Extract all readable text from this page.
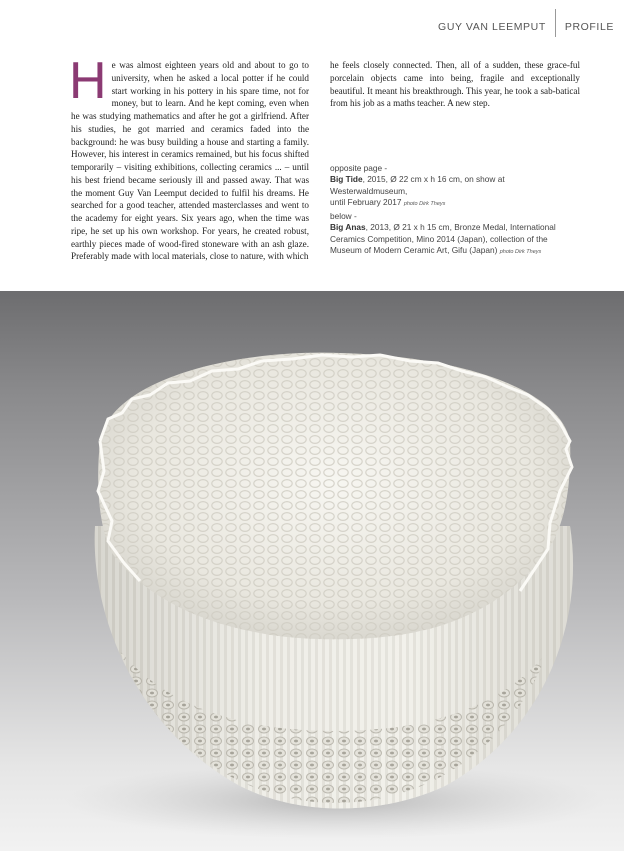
GUY VAN LEEMPUT PROFILE
H e was almost eighteen years old and about to go to university, when he asked a local potter if he could start working in his pottery in his spare time, not for money, but to learn. And he kept coming, even when he was studying mathematics and after he got a girlfriend. After his studies, he got married and ceramics faded into the background: he was busy building a house and starting a family. However, his interest in ceramics remained, but his focus shifted temporarily – visiting exhibitions, collecting ceramics ... – until his best friend became seriously ill and passed away. That was the moment Guy Van Leemput decided to fulfil his dreams. He searched for a good teacher, attended masterclasses and went to the academy for eight years. Six years ago, when the time was ripe, he set up his own workshop. For years, he created robust, earthly pieces made of wood-fired stoneware with an ash glaze. Preferably made with local materials, close to nature, with which
he feels closely connected. Then, all of a sudden, these grace-ful porcelain objects came into being, fragile and exceptionally beautiful. It meant his breakthrough. This year, he took a sab-batical from his job as a maths teacher. A new step.
opposite page -
Big Tide, 2015, Ø 22 cm x h 16 cm, on show at Westerwaldmuseum,
until February 2017 photo Dirk Theys
below -
Big Anas, 2013, Ø 21 x h 15 cm, Bronze Medal, International Ceramics Competition, Mino 2014 (Japan), collection of the Museum of Modern Ceramic Art, Gifu (Japan) photo Dirk Theys
